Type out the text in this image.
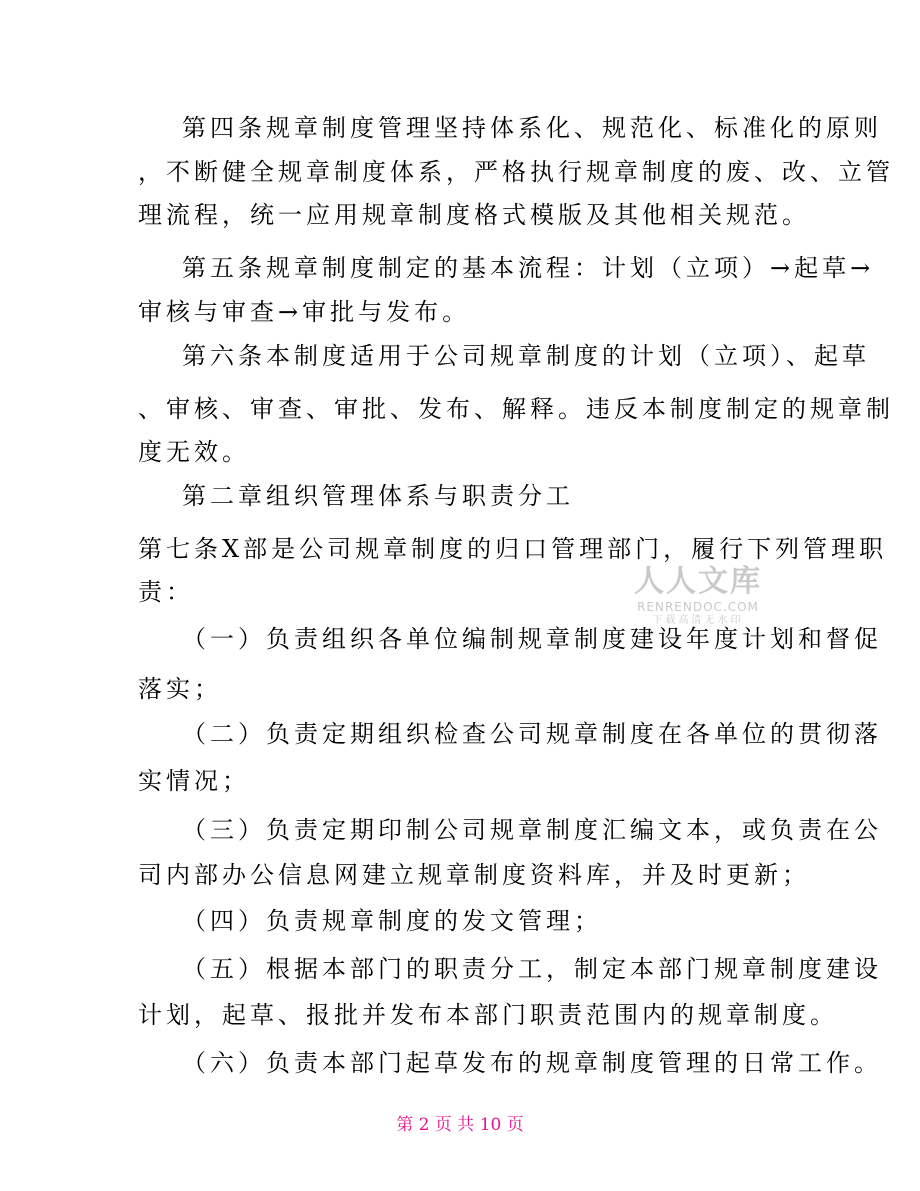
第四条规章制度管理坚持体系化、规范化、标准化的原则
，不断健全规章制度体系，严格执行规章制度的废、改、立管
理流程，统一应用规章制度格式模版及其他相关规范。
第五条规章制度制定的基本流程：计划（立项）→起草→
审核与审查→审批与发布。
第六条本制度适用于公司规章制度的计划（立项）、起草
、审核、审查、审批、发布、解释。违反本制度制定的规章制
度无效。
第二章组织管理体系与职责分工
第七条X部是公司规章制度的归口管理部门，履行下列管理职
责：
（一）负责组织各单位编制规章制度建设年度计划和督促
落实；
（二）负责定期组织检查公司规章制度在各单位的贯彻落
实情况；
（三）负责定期印制公司规章制度汇编文本，或负责在公
司内部办公信息网建立规章制度资料库，并及时更新；
（四）负责规章制度的发文管理；
（五）根据本部门的职责分工，制定本部门规章制度建设
计划，起草、报批并发布本部门职责范围内的规章制度。
（六）负责本部门起草发布的规章制度管理的日常工作。
人人文库
RENRENDOC.COM
下载高清无水印
第 2 页 共 10 页
